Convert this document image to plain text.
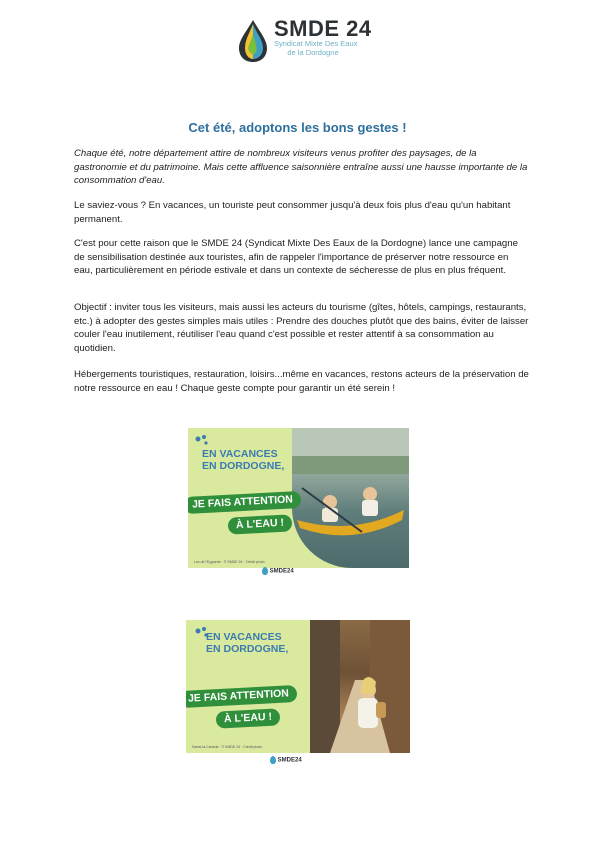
SMDE 24
Syndicat Mixte Des Eaux
de la Dordogne
Cet été, adoptons les bons gestes !
Chaque été, notre département attire de nombreux visiteurs venus profiter des paysages, de la gastronomie et du patrimoine. Mais cette affluence saisonnière entraîne aussi une hausse importante de la consommation d'eau.
Le saviez-vous ? En vacances, un touriste peut consommer jusqu'à deux fois plus d'eau qu'un habitant permanent.
C'est pour cette raison que le SMDE 24 (Syndicat Mixte Des Eaux de la Dordogne) lance une campagne de sensibilisation destinée aux touristes, afin de rappeler l'importance de préserver notre ressource en eau, particulièrement en période estivale et dans un contexte de sécheresse de plus en plus fréquent.
Objectif : inviter tous les visiteurs, mais aussi les acteurs du tourisme (gîtes, hôtels, campings, restaurants, etc.) à adopter des gestes simples mais utiles : Prendre des douches plutôt que des bains, éviter de laisser couler l'eau inutilement, réutiliser l'eau quand c'est possible et rester attentif à sa consommation au quotidien.
Hébergements touristiques, restauration, loisirs...même en vacances, restons acteurs de la préservation de notre ressource en eau ! Chaque geste compte pour garantir un été serein !
EN VACANCES
EN DORDOGNE,
JE FAIS ATTENTION
À L'EAU !
Lac de l'Eyguerie · © SMDE 24 · Crédit photo
SMDE24
EN VACANCES
EN DORDOGNE,
JE FAIS ATTENTION
À L'EAU !
Sarlat-la-Canéda · © SMDE 24 · Crédit photo
SMDE24
